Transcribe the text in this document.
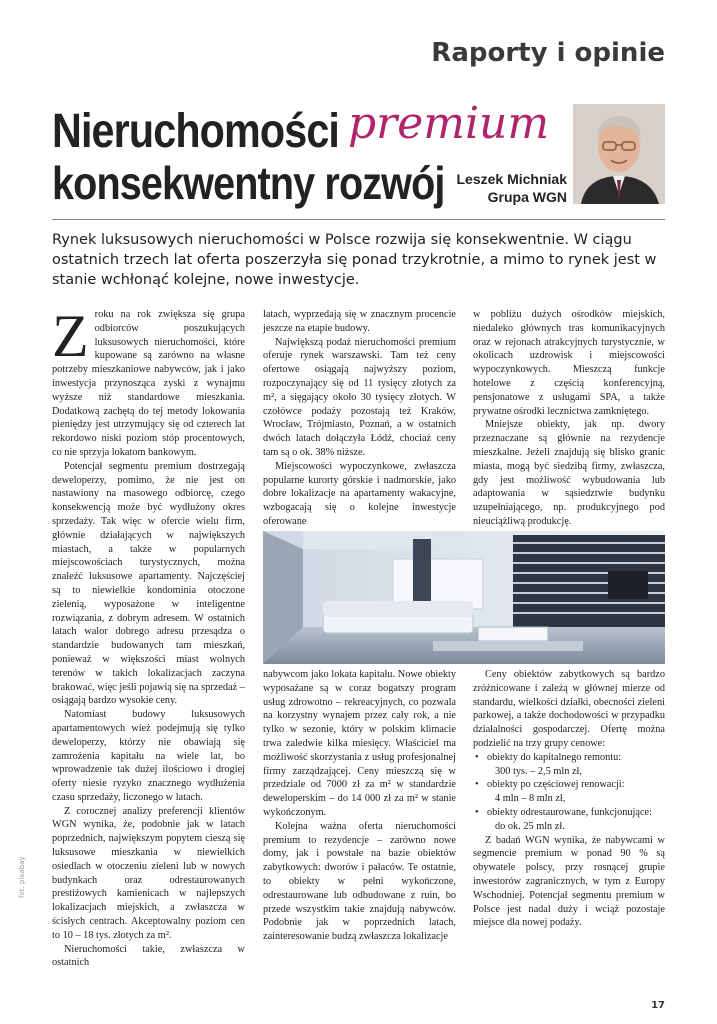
Raporty i opinie
Nieruchomości premium
konsekwentny rozwój Leszek Michniak
Grupa WGN
Rynek luksusowych nieruchomości w Polsce rozwija się konsekwentnie. W ciągu ostatnich trzech lat oferta poszerzyła się ponad trzykrotnie, a mimo to rynek jest w stanie wchłonąć kolejne, nowe inwestycje.

Zroku na rok zwiększa się grupa odbiorców poszukujących luksusowych nieruchomości, które kupowane są zarówno na własne potrzeby mieszkaniowe nabywców, jak i jako inwestycja przynosząca zyski z wynajmu wyższe niż standardowe mieszkania. Dodatkową zachętą do tej metody lokowania pieniędzy jest utrzymujący się od czterech lat rekordowo niski poziom stóp procentowych, co nie sprzyja lokatom bankowym.

Potencjał segmentu premium dostrzegają deweloperzy, pomimo, że nie jest on nastawiony na masowego odbiorcę, czego konsekwencją może być wydłużony okres sprzedaży. Tak więc w ofercie wielu firm, głównie działających w największych miastach, a także w popularnych miejscowościach turystycznych, można znaleźć luksusowe apartamenty. Najczęściej są to niewielkie kondominia otoczone zielenią, wyposażone w inteligentne rozwiązania, z dobrym adresem. W ostatnich latach walor dobrego adresu przesądza o standardzie budowanych tam mieszkań, ponieważ w większości miast wolnych terenów w takich lokalizacjach zaczyna brakować, więc jeśli pojawią się na sprzedaż – osiągają bardzo wysokie ceny.

Natomiast budowy luksusowych apartamentowych wież podejmują się tylko deweloperzy, którzy nie obawiają się zamrożenia kapitału na wiele lat, bo wprowadzenie tak dużej ilościowo i drogiej oferty niesie ryzyko znacznego wydłużenia czasu sprzedaży, liczonego w latach.

Z corocznej analizy preferencji klientów WGN wynika, że, podobnie jak w latach poprzednich, największym popytem cieszą się luksusowe mieszkania w niewielkich osiedlach w otoczeniu zieleni lub w nowych budynkach oraz odrestaurowanych prestiżowych kamienicach w najlepszych lokalizacjach miejskich, a zwłaszcza w ścisłych centrach. Akceptowalny poziom cen to 10 – 18 tys. złotych za m².

Nieruchomości takie, zwłaszcza w ostatnich

latach, wyprzedają się w znacznym procencie jeszcze na etapie budowy.

Największą podaż nieruchomości premium oferuje rynek warszawski. Tam też ceny ofertowe osiągają najwyższy poziom, rozpoczynający się od 11 tysięcy złotych za m², a sięgający około 30 tysięcy złotych. W czołówce podaży pozostają też Kraków, Wrocław, Trójmiasto, Poznań, a w ostatnich dwóch latach dołączyła Łódź, chociaż ceny tam są o ok. 38% niższe.

Miejscowości wypoczynkowe, zwłaszcza popularne kurorty górskie i nadmorskie, jako dobre lokalizacje na apartamenty wakacyjne, wzbogacają się o kolejne inwestycje oferowane

w pobliżu dużych ośrodków miejskich, niedaleko głównych tras komunikacyjnych oraz w rejonach atrakcyjnych turystycznie, w okolicach uzdrowisk i miejscowości wypoczynkowych. Mieszczą funkcje hotelowe z częścią konferencyjną, pensjonatowe z usługami SPA, a także prywatne ośrodki lecznictwa zamkniętego.

Mniejsze obiekty, jak np. dwory przeznaczane są głównie na rezydencje mieszkalne. Jeżeli znajdują się blisko granic miasta, mogą być siedzibą firmy, zwłaszcza, gdy jest możliwość wybudowania lub adaptowania w sąsiedztwie budynku uzupełniającego, np. produkcyjnego pod nieuciążliwą produkcję.

nabywcom jako lokata kapitału. Nowe obiekty wyposażane są w coraz bogatszy program usług zdrowotno – rekreacyjnych, co pozwala na korzystny wynajem przez cały rok, a nie tylko w sezonie, który w polskim klimacie trwa zaledwie kilka miesięcy. Właściciel ma możliwość skorzystania z usług profesjonalnej firmy zarządzającej. Ceny mieszczą się w przedziale od 7000 zł za m² w standardzie deweloperskim – do 14 000 zł za m² w stanie wykończonym.

Kolejna ważna oferta nieruchomości premium to rezydencje – zarówno nowe domy, jak i powstałe na bazie obiektów zabytkowych: dworów i pałaców. Te ostatnie, to obiekty w pełni wykończone, odrestaurowane lub odbudowane z ruin, bo przede wszystkim takie znajdują nabywców. Podobnie jak w poprzednich latach, zainteresowanie budzą zwłaszcza lokalizacje

Ceny obiektów zabytkowych są bardzo zróżnicowane i zależą w głównej mierze od standardu, wielkości działki, obecności zieleni parkowej, a także dochodowości w przypadku działalności gospodarczej. Ofertę można podzielić na trzy grupy cenowe:

• obiekty do kapitalnego remontu:
300 tys. – 2,5 mln zł,
• obiekty po częściowej renowacji:
4 mln – 8 mln zł,
• obiekty odrestaurowane, funkcjonujące:
do ok. 25 mln zł.

Z badań WGN wynika, że nabywcami w segmencie premium w ponad 90 % są obywatele polscy, przy rosnącej grupie inwestorów zagranicznych, w tym z Europy Wschodniej. Potencjał segmentu premium w Polsce jest nadal duży i wciąż pozostaje miejsce dla nowej podaży.

fot. pixabay
17
